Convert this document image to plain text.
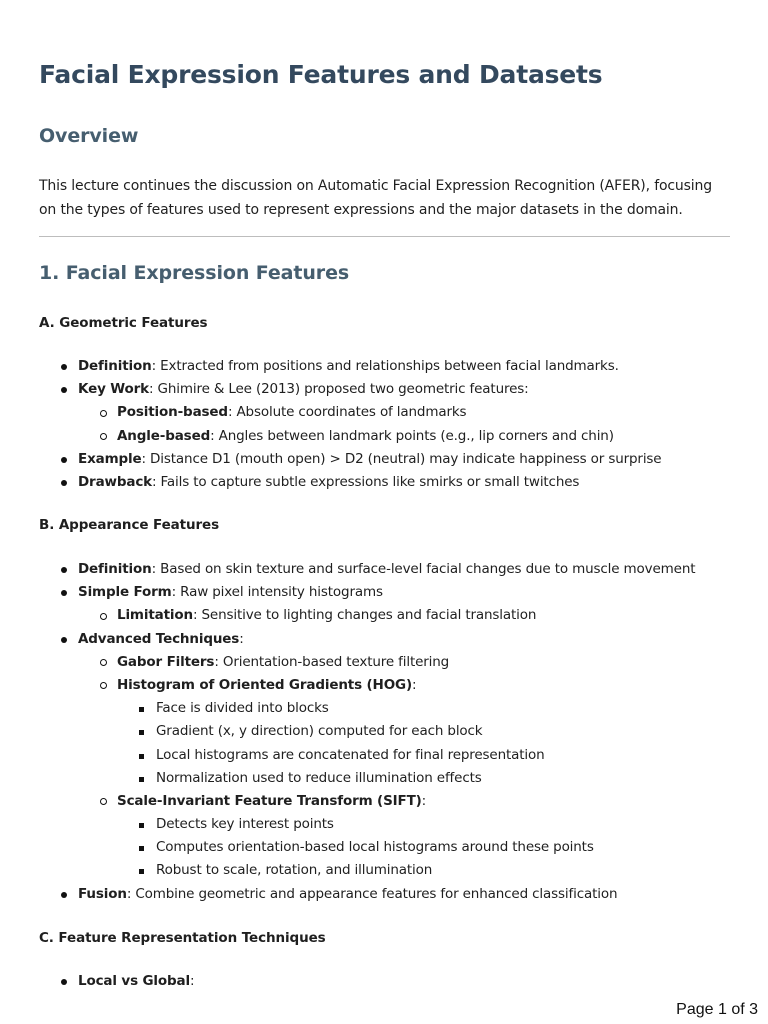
Facial Expression Features and Datasets
Overview

This lecture continues the discussion on Automatic Facial Expression Recognition (AFER), focusing on the types of features used to represent expressions and the major datasets in the domain.

1. Facial Expression Features
A. Geometric Features
Definition: Extracted from positions and relationships between facial landmarks.
Key Work: Ghimire & Lee (2013) proposed two geometric features:
Position-based: Absolute coordinates of landmarks
Angle-based: Angles between landmark points (e.g., lip corners and chin)
Example: Distance D1 (mouth open) > D2 (neutral) may indicate happiness or surprise
Drawback: Fails to capture subtle expressions like smirks or small twitches
B. Appearance Features
Definition: Based on skin texture and surface-level facial changes due to muscle movement
Simple Form: Raw pixel intensity histograms
Limitation: Sensitive to lighting changes and facial translation
Advanced Techniques:
Gabor Filters: Orientation-based texture filtering
Histogram of Oriented Gradients (HOG):
Face is divided into blocks
Gradient (x, y direction) computed for each block
Local histograms are concatenated for final representation
Normalization used to reduce illumination effects
Scale-Invariant Feature Transform (SIFT):
Detects key interest points
Computes orientation-based local histograms around these points
Robust to scale, rotation, and illumination
Fusion: Combine geometric and appearance features for enhanced classification
C. Feature Representation Techniques
Local vs Global:
Page 1 of 3
